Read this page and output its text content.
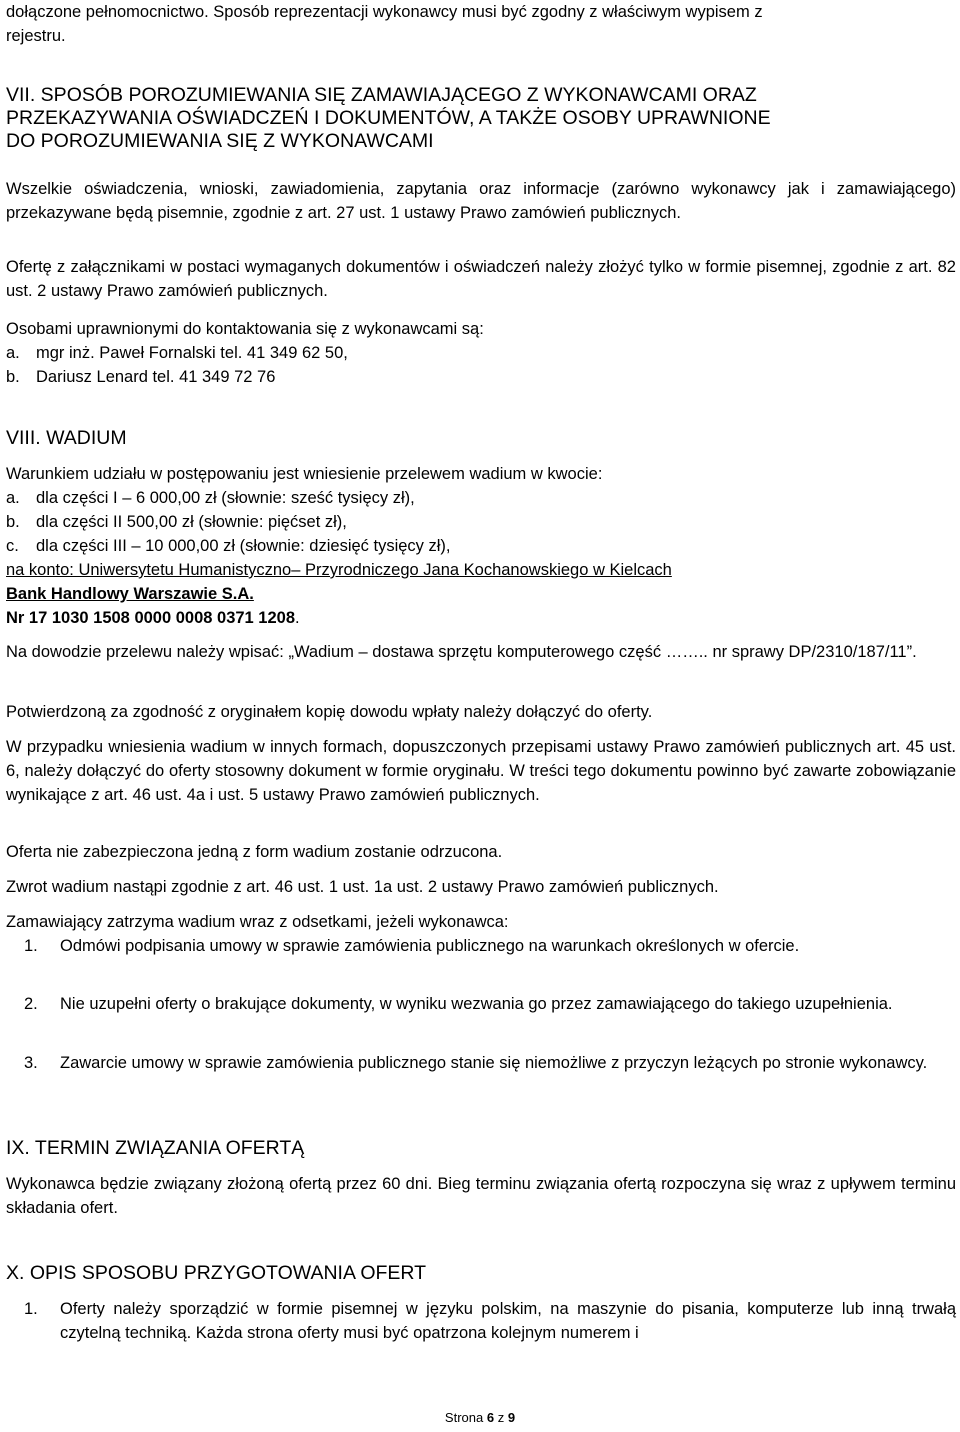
dołączone pełnomocnictwo. Sposób reprezentacji wykonawcy musi być zgodny z właściwym wypisem z

rejestru.

VII. SPOSÓB POROZUMIEWANIA SIĘ ZAMAWIAJĄCEGO Z WYKONAWCAMI ORAZ
PRZEKAZYWANIA OŚWIADCZEŃ I DOKUMENTÓW, A TAKŻE OSOBY UPRAWNIONE
DO POROZUMIEWANIA SIĘ Z WYKONAWCAMI

Wszelkie oświadczenia, wnioski, zawiadomienia, zapytania oraz informacje (zarówno wykonawcy jak i zamawiającego) przekazywane będą pisemnie, zgodnie z art. 27 ust. 1 ustawy Prawo zamówień publicznych.

Ofertę z załącznikami w postaci wymaganych dokumentów i oświadczeń należy złożyć tylko w formie pisemnej, zgodnie z art. 82 ust. 2 ustawy Prawo zamówień publicznych.

Osobami uprawnionymi do kontaktowania się z wykonawcami są:

a. mgr inż. Paweł Fornalski tel. 41 349 62 50,
b. Dariusz Lenard tel. 41 349 72 76
VIII. WADIUM

Warunkiem udziału w postępowaniu jest wniesienie przelewem wadium w kwocie:

a. dla części I – 6 000,00 zł (słownie: sześć tysięcy zł),
b. dla części II 500,00 zł (słownie: pięćset zł),
c.	dla części III – 10 000,00 zł (słownie: dziesięć tysięcy zł),

na konto: Uniwersytetu Humanistyczno– Przyrodniczego Jana Kochanowskiego w Kielcach

Bank Handlowy Warszawie S.A.

Nr 17 1030 1508 0000 0008 0371 1208.

Na dowodzie przelewu należy wpisać: „Wadium – dostawa sprzętu komputerowego część …….. nr sprawy DP/2310/187/11”.

Potwierdzoną za zgodność z oryginałem kopię dowodu wpłaty należy dołączyć do oferty.

W przypadku wniesienia wadium w innych formach, dopuszczonych przepisami ustawy Prawo zamówień publicznych art. 45 ust. 6, należy dołączyć do oferty stosowny dokument w formie oryginału. W treści tego dokumentu powinno być zawarte zobowiązanie wynikające z art. 46 ust. 4a i ust. 5 ustawy Prawo zamówień publicznych.

Oferta nie zabezpieczona jedną z form wadium zostanie odrzucona.

Zwrot wadium nastąpi zgodnie z art. 46 ust. 1 ust. 1a ust. 2 ustawy Prawo zamówień publicznych.

Zamawiający zatrzyma wadium wraz z odsetkami, jeżeli wykonawca:

1.	Odmówi podpisania umowy w sprawie zamówienia publicznego na warunkach określonych w ofercie.
2.	Nie uzupełni oferty o brakujące dokumenty, w wyniku wezwania go przez zamawiającego do takiego uzupełnienia.
3.	Zawarcie umowy w sprawie zamówienia publicznego stanie się niemożliwe z przyczyn leżących po stronie wykonawcy.
IX. TERMIN ZWIĄZANIA OFERTĄ

Wykonawca będzie związany złożoną ofertą przez 60 dni. Bieg terminu związania ofertą rozpoczyna się wraz z upływem terminu składania ofert.

X. OPIS SPOSOBU PRZYGOTOWANIA OFERT
1.	Oferty należy sporządzić w formie pisemnej w języku polskim, na maszynie do pisania, komputerze lub inną trwałą czytelną techniką. Każda strona oferty musi być opatrzona kolejnym numerem i
Strona 6 z 9
